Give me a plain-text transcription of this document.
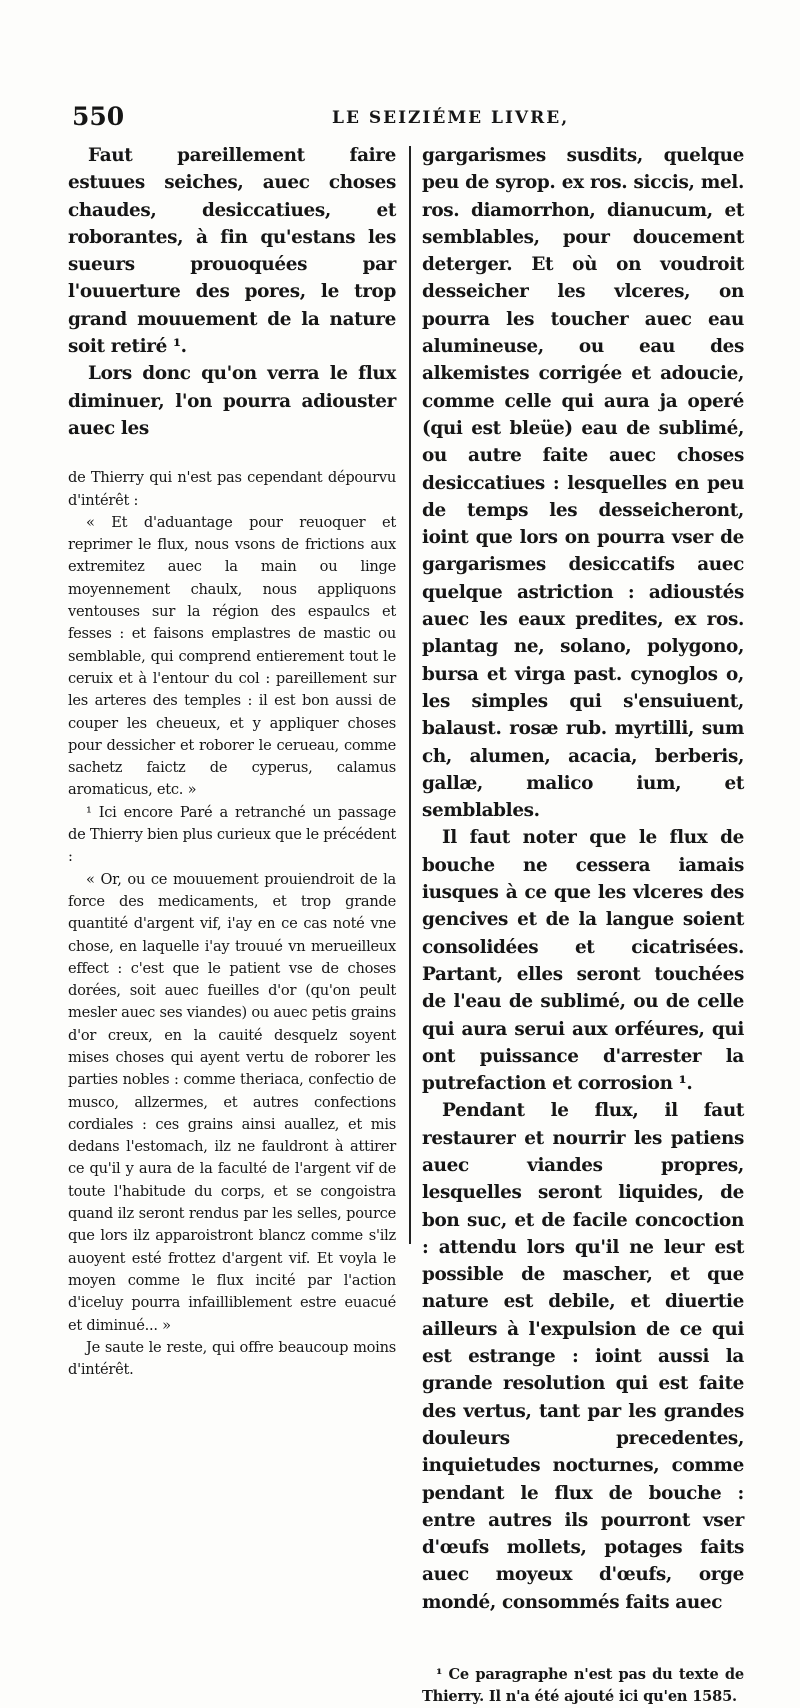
550	LE SEIZIÉME LIVRE,

Faut pareillement faire estuues seiches, auec choses chaudes, desiccatiues, et roborantes, à fin qu'estans les sueurs prouoquées par l'ouuerture des pores, le trop grand mouuement de la nature soit retiré ¹.

Lors donc qu'on verra le flux diminuer, l'on pourra adiouster auec les

de Thierry qui n'est pas cependant dépourvu d'intérêt :

« Et d'aduantage pour reuoquer et reprimer le flux, nous vsons de frictions aux extremitez auec la main ou linge moyennement chaulx, nous appliquons ventouses sur la région des espaulcs et fesses : et faisons emplastres de mastic ou semblable, qui comprend entierement tout le ceruix et à l'entour du col : pareillement sur les arteres des temples : il est bon aussi de couper les cheueux, et y appliquer choses pour dessicher et roborer le cerueau, comme sachetz faictz de cyperus, calamus aromaticus, etc. »

¹ Ici encore Paré a retranché un passage de Thierry bien plus curieux que le précédent :

« Or, ou ce mouuement prouiendroit de la force des medicaments, et trop grande quantité d'argent vif, i'ay en ce cas noté vne chose, en laquelle i'ay trouué vn merueilleux effect : c'est que le patient vse de choses dorées, soit auec fueilles d'or (qu'on peult mesler auec ses viandes) ou auec petis grains d'or creux, en la cauité desquelz soyent mises choses qui ayent vertu de roborer les parties nobles : comme theriaca, confectio de musco, allzermes, et autres confections cordiales : ces grains ainsi auallez, et mis dedans l'estomach, ilz ne fauldront à attirer ce qu'il y aura de la faculté de l'argent vif de toute l'habitude du corps, et se congoistra quand ilz seront rendus par les selles, pource que lors ilz apparoistront blancz comme s'ilz auoyent esté frottez d'argent vif. Et voyla le moyen comme le flux incité par l'action d'iceluy pourra infailliblement estre euacué et diminué... »

Je saute le reste, qui offre beaucoup moins d'intérêt.

gargarismes susdits, quelque peu de syrop. ex ros. siccis, mel. ros. diamorrhon, dianucum, et semblables, pour doucement deterger. Et où on voudroit desseicher les vlceres, on pourra les toucher auec eau alumineuse, ou eau des alkemistes corrigée et adoucie, comme celle qui aura ja operé (qui est bleüe) eau de sublimé, ou autre faite auec choses desiccatiues : lesquelles en peu de temps les desseicheront, ioint que lors on pourra vser de gargarismes desiccatifs auec quelque astriction : adioustés auec les eaux predites, ex ros. plantag ne, solano, polygono, bursa et virga past. cynoglos o, les simples qui s'ensuiuent, balaust. rosæ rub. myrtilli, sum ch, alumen, acacia, berberis, gallæ, malico ium, et semblables.

Il faut noter que le flux de bouche ne cessera iamais iusques à ce que les vlceres des gencives et de la langue soient consolidées et cicatrisées. Partant, elles seront touchées de l'eau de sublimé, ou de celle qui aura serui aux orféures, qui ont puissance d'arrester la putrefaction et corrosion ¹.

Pendant le flux, il faut restaurer et nourrir les patiens auec viandes propres, lesquelles seront liquides, de bon suc, et de facile concoction : attendu lors qu'il ne leur est possible de mascher, et que nature est debile, et diuertie ailleurs à l'expulsion de ce qui est estrange : ioint aussi la grande resolution qui est faite des vertus, tant par les grandes douleurs precedentes, inquietudes nocturnes, comme pendant le flux de bouche : entre autres ils pourront vser d'œufs mollets, potages faits auec moyeux d'œufs, orge mondé, consommés faits auec

¹ Ce paragraphe n'est pas du texte de Thierry. Il n'a été ajouté ici qu'en 1585.
